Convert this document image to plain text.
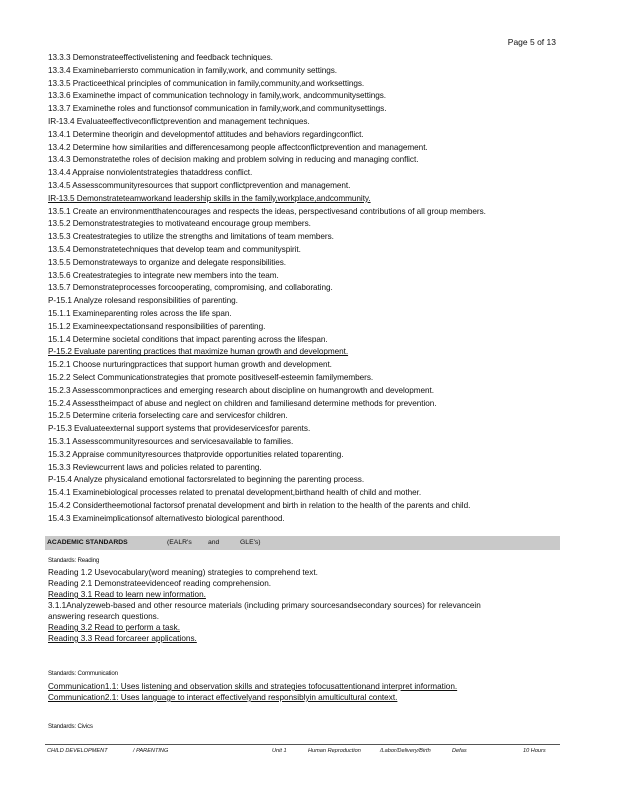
Page 5 of 13
13.3.3 Demonstrateeffectivelistening and feedback techniques.
13.3.4 Examinebarriersto communication in family,work, and community settings.
13.3.5 Practiceethical principles of communication in family,community,and worksettings.
13.3.6 Examinethe impact of communication technology in family,work, andcommunitysettings.
13.3.7 Examinethe roles and functionsof communication in family,work,and communitysettings.
IR-13.4 Evaluateeffectiveconflictprevention and management techniques.
13.4.1 Determine theorigin and developmentof attitudes and behaviors regardingconflict.
13.4.2 Determine how similarities and differencesamong people affectconflictprevention and management.
13.4.3 Demonstratethe roles of decision making and problem solving in reducing and managing conflict.
13.4.4 Appraise nonviolentstrategies thataddress conflict.
13.4.5 Assesscommunityresources that support conflictprevention and management.
IR-13.5 Demonstrateteamworkand leadership skills in the family,workplace,andcommunity.
13.5.1 Create an environmentthatencourages and respects the ideas, perspectivesand contributions of all group members.
13.5.2 Demonstratestrategies to motivateand encourage group members.
13.5.3 Createstrategies to utilize the strengths and limitations of team members.
13.5.4 Demonstratetechniques that develop team and communityspirit.
13.5.5 Demonstrateways to organize and delegate responsibilities.
13.5.6 Createstrategies to integrate new members into the team.
13.5.7 Demonstrateprocesses forcooperating, compromising, and collaborating.
P-15.1 Analyze rolesand responsibilities of parenting.
15.1.1 Examineparenting roles across the life span.
15.1.2 Examineexpectationsand responsibilities of parenting.
15.1.4 Determine societal conditions that impact parenting across the lifespan.
P-15.2 Evaluate parenting practices that maximize human growth and development.
15.2.1 Choose nurturingpractices that support human growth and development.
15.2.2 Select Communicationstrategies that promote positiveself-esteemin familymembers.
15.2.3 Assesscommonpractices and emerging research about discipline on humangrowth and development.
15.2.4 Assesstheimpact of abuse and neglect on children and familiesand determine methods for prevention.
15.2.5 Determine criteria forselecting care and servicesfor children.
P-15.3 Evaluateexternal support systems that provideservicesfor parents.
15.3.1 Assesscommunityresources and servicesavailable to families.
15.3.2 Appraise communityresources thatprovide opportunities related toparenting.
15.3.3 Reviewcurrent laws and policies related to parenting.
P-15.4 Analyze physicaland emotional factorsrelated to beginning the parenting process.
15.4.1 Examinebiological processes related to prenatal development,birthand health of child and mother.
15.4.2 Considertheemotional factorsof prenatal development and birth in relation to the health of the parents and child.
15.4.3 Examineimplicationsof alternativesto biological parenthood.
ACADEMIC STANDARDS	(EALR's and	GLE's)
Standards: Reading
Reading 1.2 Usevocabulary(word meaning) strategies to comprehend text.
Reading 2.1 Demonstrateevidenceof reading comprehension.
Reading 3.1 Read to learn new information.
3.1.1Analyzeweb-based and other resource materials (including primary sourcesandsecondary sources) for relevancein
answering research questions.
Reading 3.2 Read to perform a task.
Reading 3.3 Read forcareer applications.
Standards: Communication
Communication1.1: Uses listening and observation skills and strategies tofocusattentionand interpret information.
Communication2.1: Uses language to interact effectivelyand responsiblyin amulticultural context.
Standards: Civics
CHILD DEVELOPMENT	/ PARENTING	Unit 1	Human Reproduction	/Labor/Delivery/Birth	Defas	10 Hours
